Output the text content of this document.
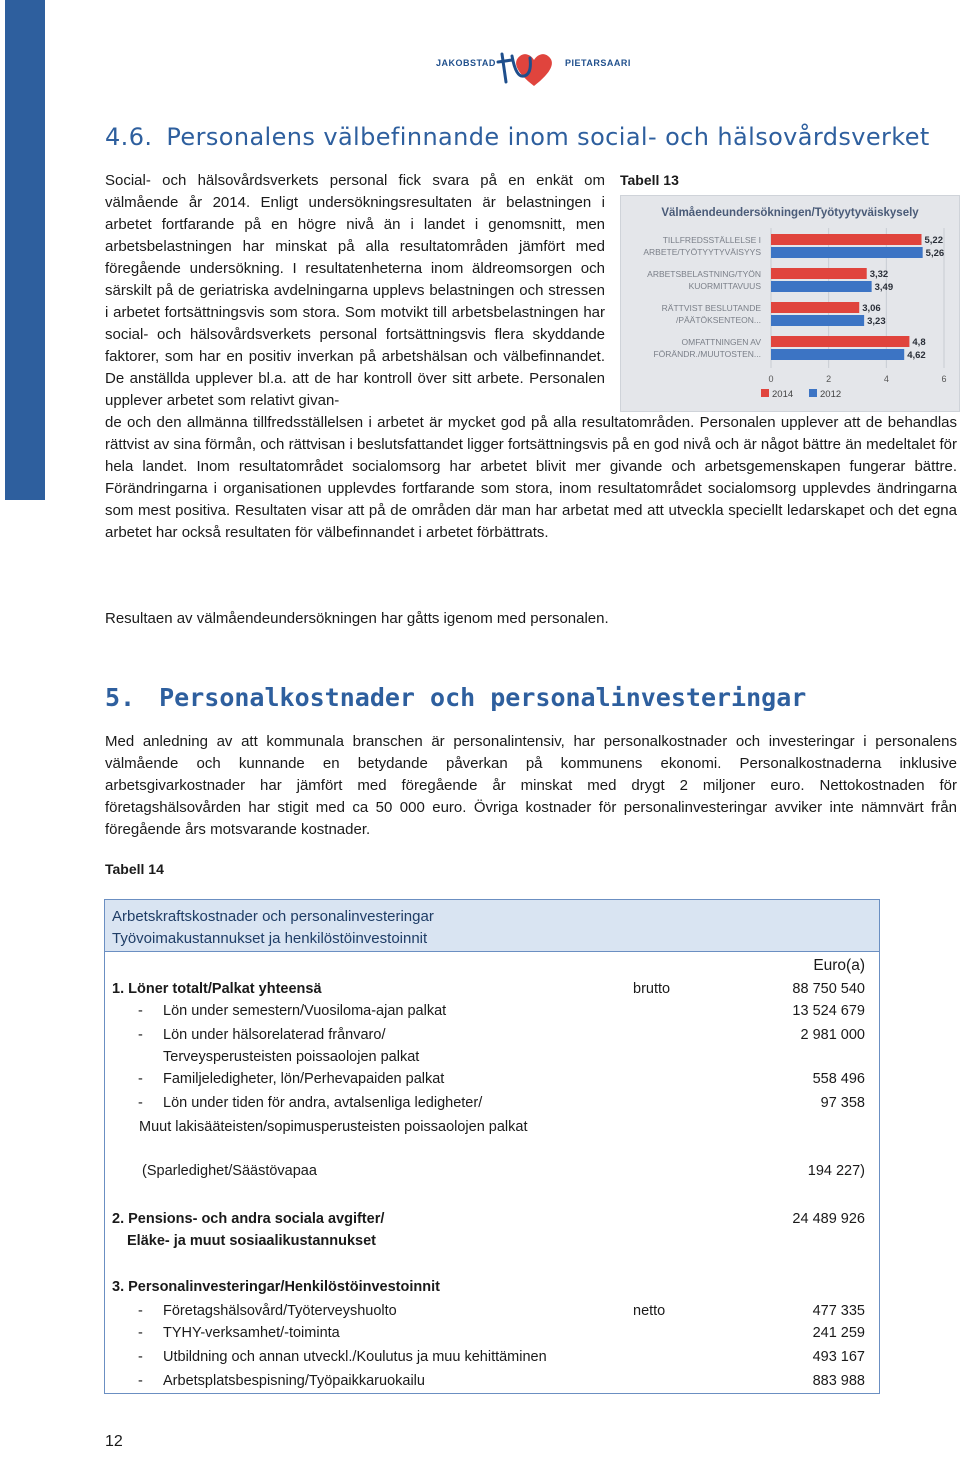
JAKOBSTAD	PIETARSAARI
4.6. Personalens välbefinnande inom social- och hälsovårdsverket
Social- och hälsovårdsverkets personal fick svara på en enkät om välmående år 2014. Enligt undersökningsresultaten är belastningen i arbetet fortfarande på en högre nivå än i landet i genomsnitt, men arbetsbelastningen har minskat på alla resultatområden jämfört med föregående undersökning. I resultatenheterna inom äldreomsorgen och särskilt på de geriatriska avdelningarna upplevs belastningen och stressen i arbetet fortsättningsvis som stora. Som motvikt till arbetsbelastningen har social- och hälsovårdsverkets personal fortsättningsvis flera skyddande faktorer, som har en positiv inverkan på arbetshälsan och välbefinnandet. De anställda upplever bl.a. att de har kontroll över sitt arbete. Personalen upplever arbetet som relativt givan-
Tabell 13
Välmåendeundersökningen/Työtyytyväiskysely
0	2	4	6
TILLFREDSSTÄLLELSE I
ARBETE/TYÖTYYTYVÄISYYS
5,22
5,26
ARBETSBELASTNING/TYÖN
KUORMITTAVUUS
3,32
3,49
RÄTTVIST BESLUTANDE
/PÄÄTÖKSENTEON...
3,06
3,23
OMFATTNINGEN AV
FÖRÄNDR./MUUTOSTEN...
4,8
4,62
2014	2012
de och den allmänna tillfredsställelsen i arbetet är mycket god på alla resultatområden. Personalen upplever att de behandlas rättvist av sina förmån, och rättvisan i beslutsfattandet ligger fortsättningsvis på en god nivå och är något bättre än medeltalet för hela landet. Inom resultatområdet socialomsorg har arbetet blivit mer givande och arbetsgemenskapen fungerar bättre. Förändringarna i organisationen upplevdes fortfarande som stora, inom resultatområdet socialomsorg upplevdes ändringarna som mest positiva. Resultaten visar att på de områden där man har arbetat med att utveckla speciellt ledarskapet och det egna arbetet har också resultaten för välbefinnandet i arbetet förbättrats.
Resultaen av välmåendeundersökningen har gåtts igenom med personalen.
5. Personalkostnader och personalinvesteringar
Med anledning av att kommunala branschen är personalintensiv, har personalkostnader och investeringar i personalens välmående och kunnande en betydande påverkan på kommunens ekonomi. Personalkostnaderna inklusive arbetsgivarkostnader har jämfört med föregående år minskat med drygt 2 miljoner euro. Nettokostnaden för företagshälsovården har stigit med ca 50 000 euro. Övriga kostnader för personalinvesteringar avviker inte nämnvärt från föregående års motsvarande kostnader.
Tabell 14
Arbetskraftskostnader och personalinvesteringar
Työvoimakustannukset ja henkilöstöinvestoinnit
Euro(a)
1. Löner totalt/Palkat yhteensä	brutto	88 750 540
- Lön under semestern/Vuosiloma-ajan palkat	13 524 679
- Lön under hälsorelaterad frånvaro/	2 981 000
Terveysperusteisten poissaolojen palkat
- Familjeledigheter, lön/Perhevapaiden palkat	558 496
- Lön under tiden för andra, avtalsenliga ledigheter/	97 358
Muut lakisääteisten/sopimusperusteisten poissaolojen palkat
(Sparledighet/Säästövapaa	194 227)
2. Pensions- och andra sociala avgifter/	24 489 926
Eläke- ja muut sosiaalikustannukset
3. Personalinvesteringar/Henkilöstöinvestoinnit
- Företagshälsovård/Työterveyshuolto	netto	477 335
- TYHY-verksamhet/-toiminta	241 259
- Utbildning och annan utveckl./Koulutus ja muu kehittäminen	493 167
- Arbetsplatsbespisning/Työpaikkaruokailu	883 988
12
